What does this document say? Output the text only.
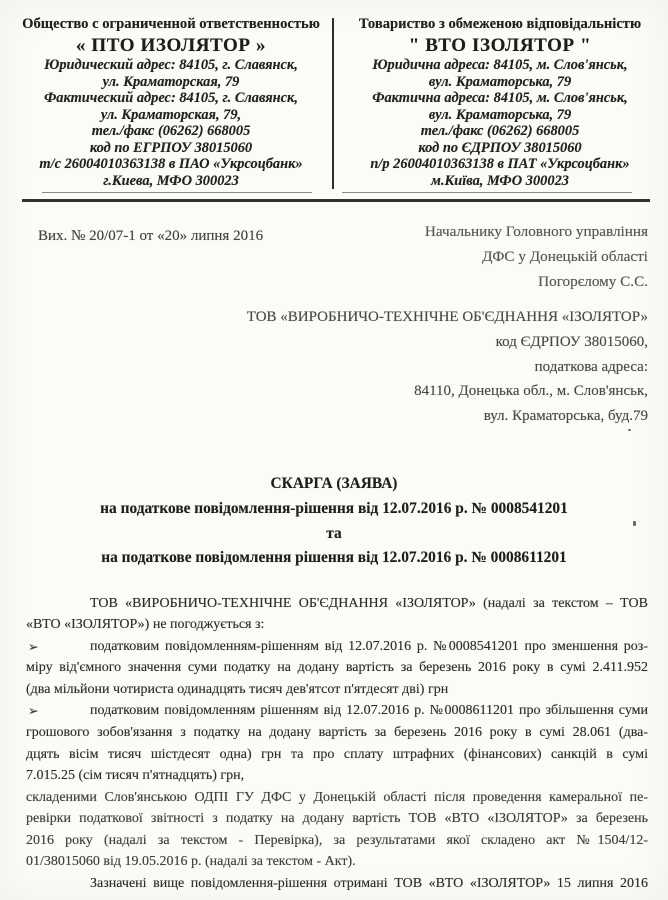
Общество с ограниченной ответственностью
« ПТО ИЗОЛЯТОР »
Юридический адрес: 84105, г. Славянск,
ул. Краматорская, 79
Фактический адрес: 84105, г. Славянск,
ул. Краматорская, 79,
тел./факс (06262) 668005
код по ЕГРПОУ 38015060
т/с 26004010363138 в ПАО «Укрсоцбанк»
г.Киева, МФО 300023
Товариство з обмеженою відповідальністю
" ВТО ІЗОЛЯТОР "
Юридична адреса: 84105, м. Слов'янськ,
вул. Краматорська, 79
Фактична адреса: 84105, м. Слов'янськ,
вул. Краматорська, 79
тел./факс (06262) 668005
код по ЄДРПОУ 38015060
п/р 26004010363138 в ПАТ «Укрсоцбанк»
м.Київа, МФО 300023
Вих. № 20/07-1 от «20» липня 2016	Начальнику Головного управління
ДФС у Донецькій області
Погорєлому С.С.
ТОВ «ВИРОБНИЧО-ТЕХНІЧНЕ ОБ'ЄДНАННЯ «ІЗОЛЯТОР»
код ЄДРПОУ 38015060,
податкова адреса:
84110, Донецька обл., м. Слов'янськ,
вул. Краматорська, буд.79
СКАРГА (ЗАЯВА)
на податкове повідомлення-рішення від 12.07.2016 р. № 0008541201
та
на податкове повідомлення рішення від 12.07.2016 р. № 0008611201
ТОВ «ВИРОБНИЧО-ТЕХНІЧНЕ ОБ'ЄДНАННЯ «ІЗОЛЯТОР» (надалі за текстом – ТОВ
«ВТО «ІЗОЛЯТОР») не погоджується з:
➢	податковим повідомленням-рішенням від 12.07.2016 р. №0008541201 про зменшення роз-
міру від'ємного значення суми податку на додану вартість за березень 2016 року в сумі 2.411.952
(два мільйони чотириста одинадцять тисяч дев'ятсот п'ятдесят дві) грн
➢	податковим повідомленням рішенням від 12.07.2016 р. №0008611201 про збільшення суми
грошового зобов'язання з податку на додану вартість за березень 2016 року в сумі 28.061 (два-
дцять вісім тисяч шістдесят одна) грн та про сплату штрафних (фінансових) санкцій в сумі
7.015.25 (сім тисяч п'ятнадцять) грн,
складеними Слов'янською ОДПІ ГУ ДФС у Донецькій області після проведення камеральної пе-
ревірки податкової звітності з податку на додану вартість ТОВ «ВТО «ІЗОЛЯТОР» за березень
2016 року (надалі за текстом - Перевірка), за результатами якої складено акт №1504/12-
01/38015060 від 19.05.2016 р. (надалі за текстом - Акт).
Зазначені вище повідомлення-рішення отримані ТОВ «ВТО «ІЗОЛЯТОР» 15 липня 2016
